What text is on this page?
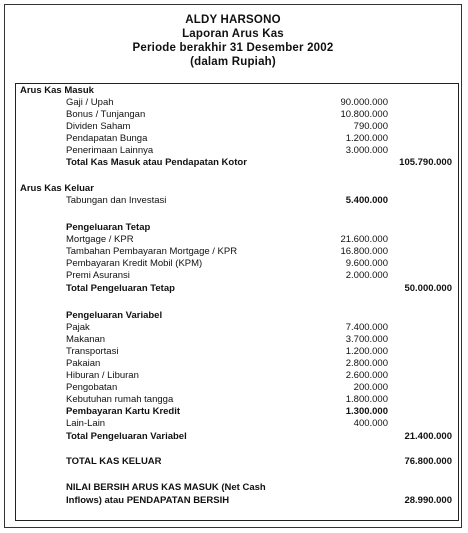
ALDY HARSONO
Laporan Arus Kas
Periode berakhir 31 Desember 2002
(dalam Rupiah)
Arus Kas Masuk
Gaji / Upah	90.000.000
Bonus / Tunjangan	10.800.000
Dividen Saham	790.000
Pendapatan Bunga	1.200.000
Penerimaan Lainnya	3.000.000
Total Kas Masuk atau Pendapatan Kotor	105.790.000
Arus Kas Keluar
Tabungan dan Investasi	5.400.000
Pengeluaran Tetap
Mortgage / KPR	21.600.000
Tambahan Pembayaran Mortgage / KPR	16.800.000
Pembayaran Kredit Mobil (KPM)	9.600.000
Premi Asuransi	2.000.000
Total Pengeluaran Tetap	50.000.000
Pengeluaran Variabel
Pajak	7.400.000
Makanan	3.700.000
Transportasi	1.200.000
Pakaian	2.800.000
Hiburan / Liburan	2.600.000
Pengobatan	200.000
Kebutuhan rumah tangga	1.800.000
Pembayaran Kartu Kredit	1.300.000
Lain-Lain	400.000
Total Pengeluaran Variabel	21.400.000
TOTAL KAS KELUAR	76.800.000
NILAI BERSIH ARUS KAS MASUK (Net Cash
Inflows) atau PENDAPATAN BERSIH	28.990.000
